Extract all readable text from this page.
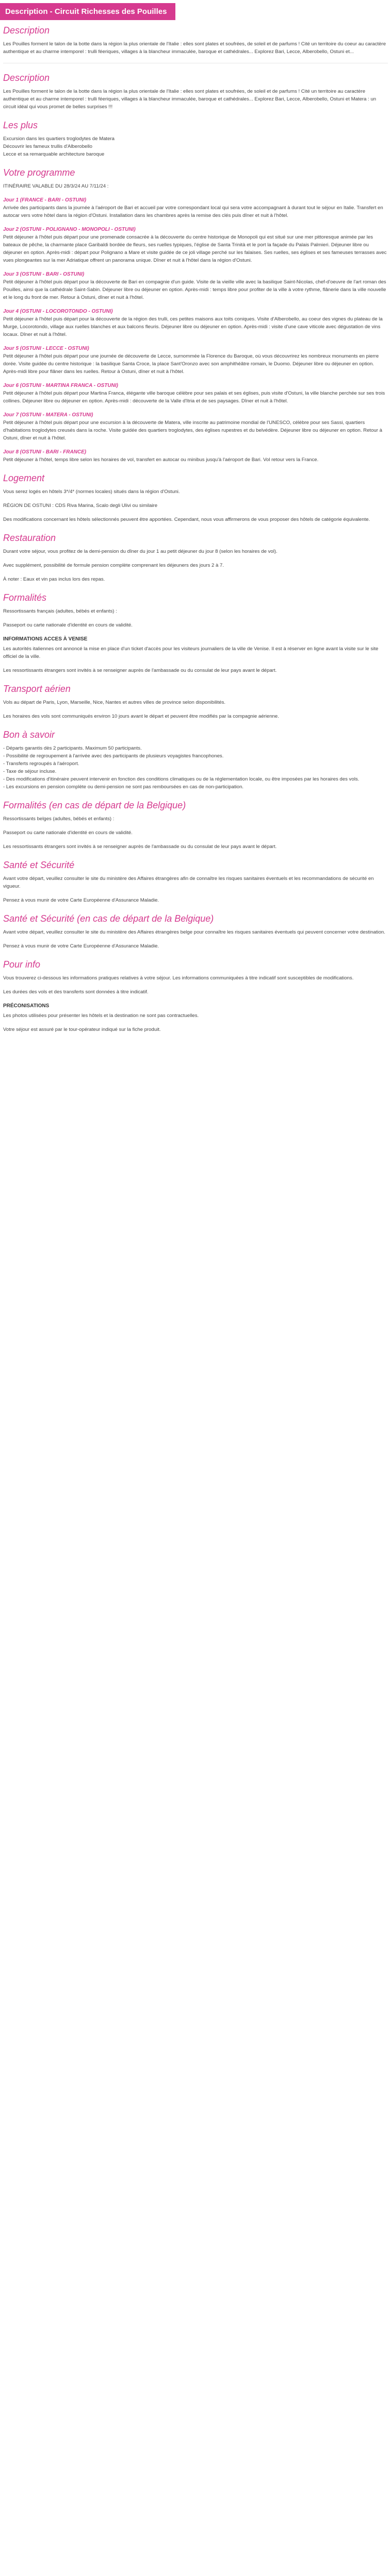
Description - Circuit Richesses des Pouilles
Description

Les Pouilles forment le talon de la botte dans la région la plus orientale de l'Italie : elles sont plates et soufrées, de soleil et de parfums ! Cité un territoire du coeur au caractère authentique et au charme intemporel : trulli féeriques, villages à la blancheur immaculée, baroque et cathédrales... Explorez Bari, Lecce, Alberobello, Ostuni et...

Description

Les Pouilles forment le talon de la botte dans la région la plus orientale de l'Italie : elles sont plates et soufrées, de soleil et de parfums ! Cité un territoire au caractère authentique et au charme intemporel : trulli féeriques, villages à la blancheur immaculée, baroque et cathédrales... Explorez Bari, Lecce, Alberobello, Ostuni et Matera : un circuit idéal qui vous promet de belles surprises !!!

Les plus

Excursion dans les quartiers troglodytes de Matera
Découvrir les fameux trullis d'Alberobello
Lecce et sa remarquable architecture baroque

Votre programme

ITINÉRAIRE VALABLE DU 28/3/24 AU 7/11/24 :

Jour 1 (FRANCE - BARI - OSTUNI)

Arrivée des participants dans la journée à l'aéroport de Bari et accueil par votre correspondant local qui sera votre accompagnant à durant tout le séjour en Italie. Transfert en autocar vers votre hôtel dans la région d'Ostuni. Installation dans les chambres après la remise des clés puis dîner et nuit à l'hôtel.

Jour 2 (OSTUNI - POLIGNANO - MONOPOLI - OSTUNI)

Petit déjeuner à l'hôtel puis départ pour une promenade consacrée à la découverte du centre historique de Monopoli qui est situé sur une mer pittoresque animée par les bateaux de pêche, la charmante place Garibaldi bordée de fleurs, ses ruelles typiques, l'église de Santa Trinità et le port la façade du Palais Palmieri. Déjeuner libre ou déjeuner en option. Après-midi : départ pour Polignano a Mare et visite guidée de ce joli village perché sur les falaises. Ses ruelles, ses églises et ses fameuses terrasses avec vues plongeantes sur la mer Adriatique offrent un panorama unique. Dîner et nuit à l'hôtel dans la région d'Ostuni.

Jour 3 (OSTUNI - BARI - OSTUNI)

Petit déjeuner à l'hôtel puis départ pour la découverte de Bari en compagnie d'un guide. Visite de la vieille ville avec la basilique Saint-Nicolas, chef-d'oeuvre de l'art roman des Pouilles, ainsi que la cathédrale Saint-Sabin. Déjeuner libre ou déjeuner en option. Après-midi : temps libre pour profiter de la ville à votre rythme, flânerie dans la ville nouvelle et le long du front de mer. Retour à Ostuni, dîner et nuit à l'hôtel.

Jour 4 (OSTUNI - LOCOROTONDO - OSTUNI)

Petit déjeuner à l'hôtel puis départ pour la découverte de la région des trulli, ces petites maisons aux toits coniques. Visite d'Alberobello, au coeur des vignes du plateau de la Murge, Locorotondo, village aux ruelles blanches et aux balcons fleuris. Déjeuner libre ou déjeuner en option. Après-midi : visite d'une cave viticole avec dégustation de vins locaux. Dîner et nuit à l'hôtel.

Jour 5 (OSTUNI - LECCE - OSTUNI)

Petit déjeuner à l'hôtel puis départ pour une journée de découverte de Lecce, surnommée la Florence du Baroque, où vous découvrirez les nombreux monuments en pierre dorée. Visite guidée du centre historique : la basilique Santa Croce, la place Sant'Oronzo avec son amphithéâtre romain, le Duomo. Déjeuner libre ou déjeuner en option. Après-midi libre pour flâner dans les ruelles. Retour à Ostuni, dîner et nuit à l'hôtel.

Jour 6 (OSTUNI - MARTINA FRANCA - OSTUNI)

Petit déjeuner à l'hôtel puis départ pour Martina Franca, élégante ville baroque célèbre pour ses palais et ses églises, puis visite d'Ostuni, la ville blanche perchée sur ses trois collines. Déjeuner libre ou déjeuner en option. Après-midi : découverte de la Valle d'Itria et de ses paysages. Dîner et nuit à l'hôtel.

Jour 7 (OSTUNI - MATERA - OSTUNI)

Petit déjeuner à l'hôtel puis départ pour une excursion à la découverte de Matera, ville inscrite au patrimoine mondial de l'UNESCO, célèbre pour ses Sassi, quartiers d'habitations troglodytes creusés dans la roche. Visite guidée des quartiers troglodytes, des églises rupestres et du belvédère. Déjeuner libre ou déjeuner en option. Retour à Ostuni, dîner et nuit à l'hôtel.

Jour 8 (OSTUNI - BARI - FRANCE)

Petit déjeuner à l'hôtel, temps libre selon les horaires de vol, transfert en autocar ou minibus jusqu'à l'aéroport de Bari. Vol retour vers la France.

Logement

Vous serez logés en hôtels 3*/4* (normes locales) situés dans la région d'Ostuni.

RÉGION DE OSTUNI : CDS Riva Marina, Scalo degli Ulivi ou similaire

Des modifications concernant les hôtels sélectionnés peuvent être apportées. Cependant, nous vous affirmerons de vous proposer des hôtels de catégorie équivalente.

Restauration

Durant votre séjour, vous profitez de la demi-pension du dîner du jour 1 au petit déjeuner du jour 8 (selon les horaires de vol).

Avec supplément, possibilité de formule pension complète comprenant les déjeuners des jours 2 à 7.

À noter : Eaux et vin pas inclus lors des repas.

Formalités

Ressortissants français (adultes, bébés et enfants) :

Passeport ou carte nationale d'identité en cours de validité.

INFORMATIONS ACCES À VENISE

Les autorités italiennes ont annoncé la mise en place d'un ticket d'accès pour les visiteurs journaliers de la ville de Venise. Il est à réserver en ligne avant la visite sur le site officiel de la ville.

Les ressortissants étrangers sont invités à se renseigner auprès de l'ambassade ou du consulat de leur pays avant le départ.

Transport aérien

Vols au départ de Paris, Lyon, Marseille, Nice, Nantes et autres villes de province selon disponibilités.

Les horaires des vols sont communiqués environ 10 jours avant le départ et peuvent être modifiés par la compagnie aérienne.

Bon à savoir

- Départs garantis dès 2 participants. Maximum 50 participants.
- Possibilité de regroupement à l'arrivée avec des participants de plusieurs voyagistes francophones.
- Transferts regroupés à l'aéroport.
- Taxe de séjour incluse.
- Des modifications d'itinéraire peuvent intervenir en fonction des conditions climatiques ou de la réglementation locale, ou être imposées par les horaires des vols.
- Les excursions en pension complète ou demi-pension ne sont pas remboursées en cas de non-participation.

Formalités (en cas de départ de la Belgique)

Ressortissants belges (adultes, bébés et enfants) :

Passeport ou carte nationale d'identité en cours de validité.

Les ressortissants étrangers sont invités à se renseigner auprès de l'ambassade ou du consulat de leur pays avant le départ.

Santé et Sécurité

Avant votre départ, veuillez consulter le site du ministère des Affaires étrangères afin de connaître les risques sanitaires éventuels et les recommandations de sécurité en vigueur.

Pensez à vous munir de votre Carte Européenne d'Assurance Maladie.

Santé et Sécurité (en cas de départ de la Belgique)

Avant votre départ, veuillez consulter le site du ministère des Affaires étrangères belge pour connaître les risques sanitaires éventuels qui peuvent concerner votre destination.

Pensez à vous munir de votre Carte Européenne d'Assurance Maladie.

Pour info

Vous trouverez ci-dessous les informations pratiques relatives à votre séjour. Les informations communiquées à titre indicatif sont susceptibles de modifications.

Les durées des vols et des transferts sont données à titre indicatif.

PRÉCONISATIONS

Les photos utilisées pour présenter les hôtels et la destination ne sont pas contractuelles.

Votre séjour est assuré par le tour-opérateur indiqué sur la fiche produit.
